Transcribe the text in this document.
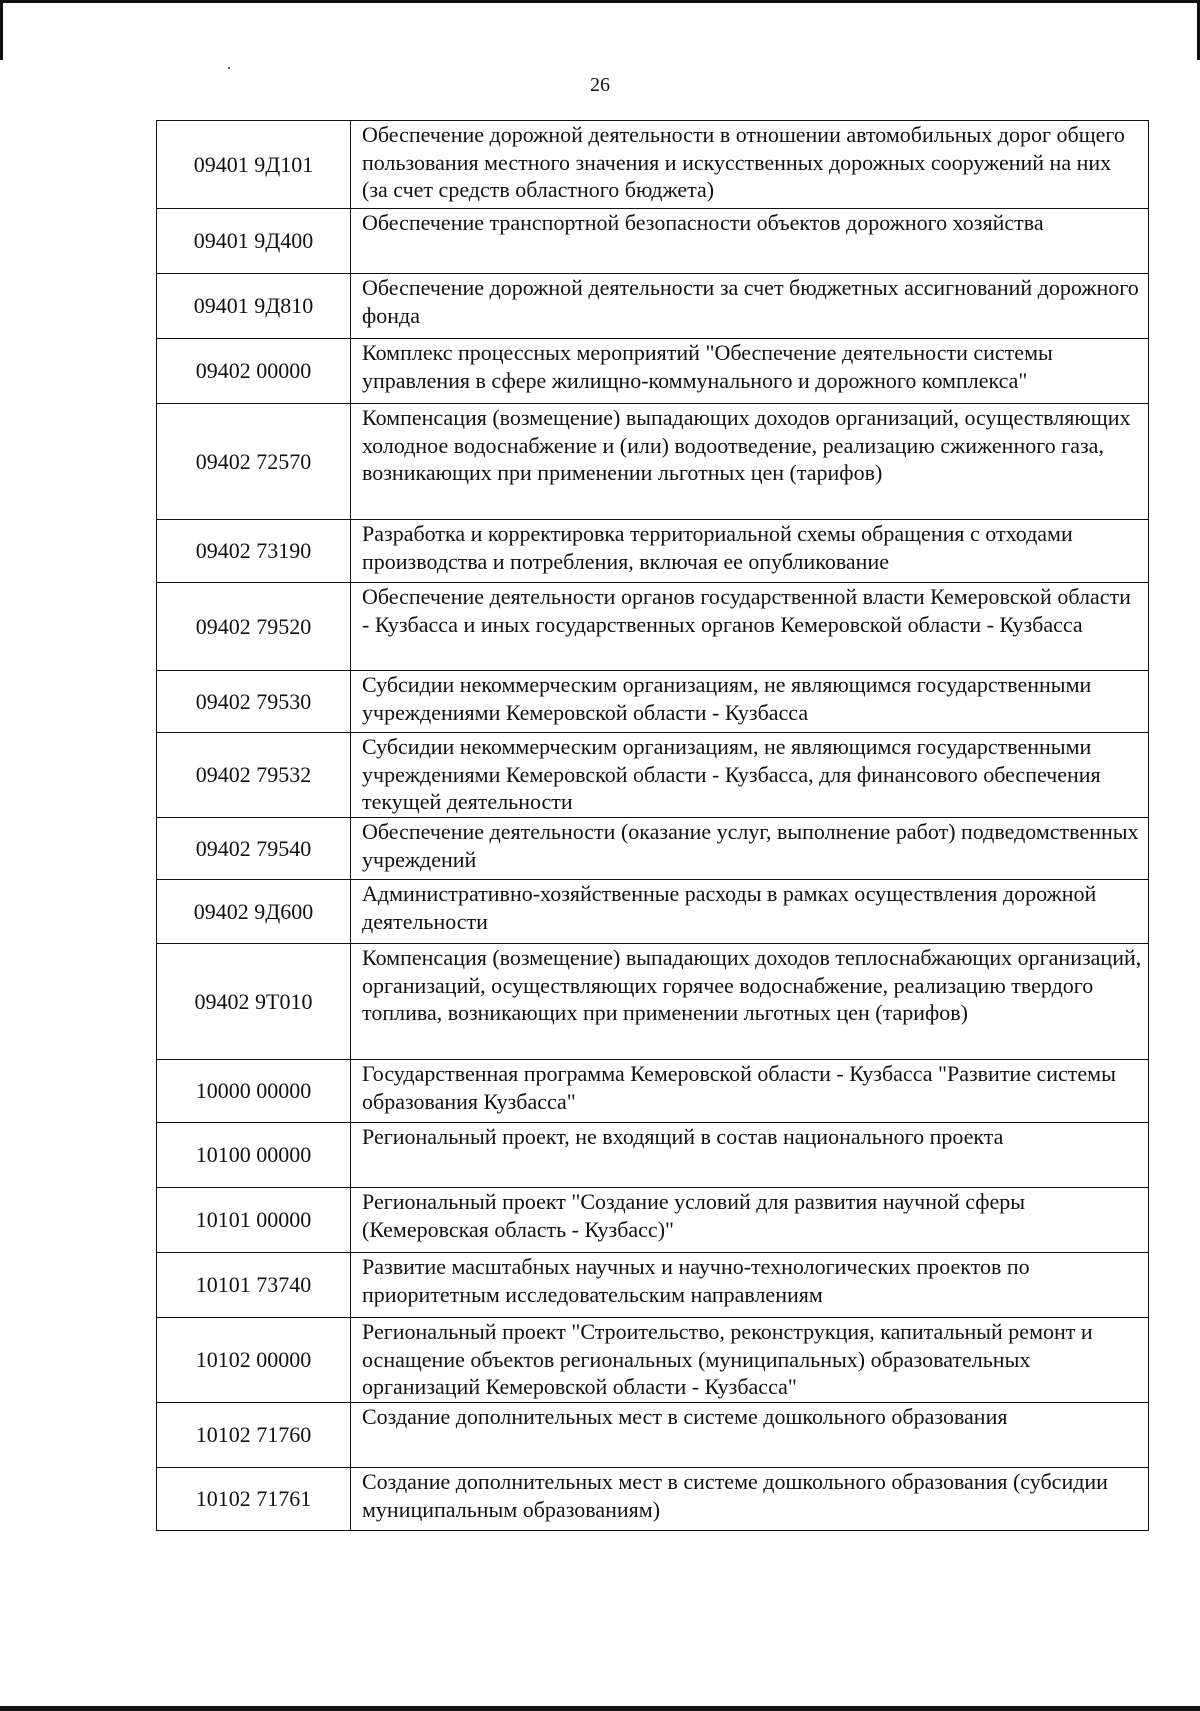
26
09401 9Д101	Обеспечение дорожной деятельности в отношении автомобильных дорог общего пользования местного значения и искусственных дорожных сооружений на них (за счет средств областного бюджета)
09401 9Д400	Обеспечение транспортной безопасности объектов дорожного хозяйства
09401 9Д810	Обеспечение дорожной деятельности за счет бюджетных ассигнований дорожного фонда
09402 00000	Комплекс процессных мероприятий "Обеспечение деятельности системы управления в сфере жилищно-коммунального и дорожного комплекса"
09402 72570	Компенсация (возмещение) выпадающих доходов организаций, осуществляющих холодное водоснабжение и (или) водоотведение, реализацию сжиженного газа, возникающих при применении льготных цен (тарифов)
09402 73190	Разработка и корректировка территориальной схемы обращения с отходами производства и потребления, включая ее опубликование
09402 79520	Обеспечение деятельности органов государственной власти Кемеровской области - Кузбасса и иных государственных органов Кемеровской области - Кузбасса
09402 79530	Субсидии некоммерческим организациям, не являющимся государственными учреждениями Кемеровской области - Кузбасса
09402 79532	Субсидии некоммерческим организациям, не являющимся государственными учреждениями Кемеровской области - Кузбасса, для финансового обеспечения текущей деятельности
09402 79540	Обеспечение деятельности (оказание услуг, выполнение работ) подведомственных учреждений
09402 9Д600	Административно-хозяйственные расходы в рамках осуществления дорожной деятельности
09402 9Т010	Компенсация (возмещение) выпадающих доходов теплоснабжающих организаций, организаций, осуществляющих горячее водоснабжение, реализацию твердого топлива, возникающих при применении льготных цен (тарифов)
10000 00000	Государственная программа Кемеровской области - Кузбасса "Развитие системы образования Кузбасса"
10100 00000	Региональный проект, не входящий в состав национального проекта
10101 00000	Региональный проект "Создание условий для развития научной сферы (Кемеровская область - Кузбасс)"
10101 73740	Развитие масштабных научных и научно-технологических проектов по приоритетным исследовательским направлениям
10102 00000	Региональный проект "Строительство, реконструкция, капитальный ремонт и оснащение объектов региональных (муниципальных) образовательных организаций Кемеровской области - Кузбасса"
10102 71760	Создание дополнительных мест в системе дошкольного образования
10102 71761	Создание дополнительных мест в системе дошкольного образования (субсидии муниципальным образованиям)
